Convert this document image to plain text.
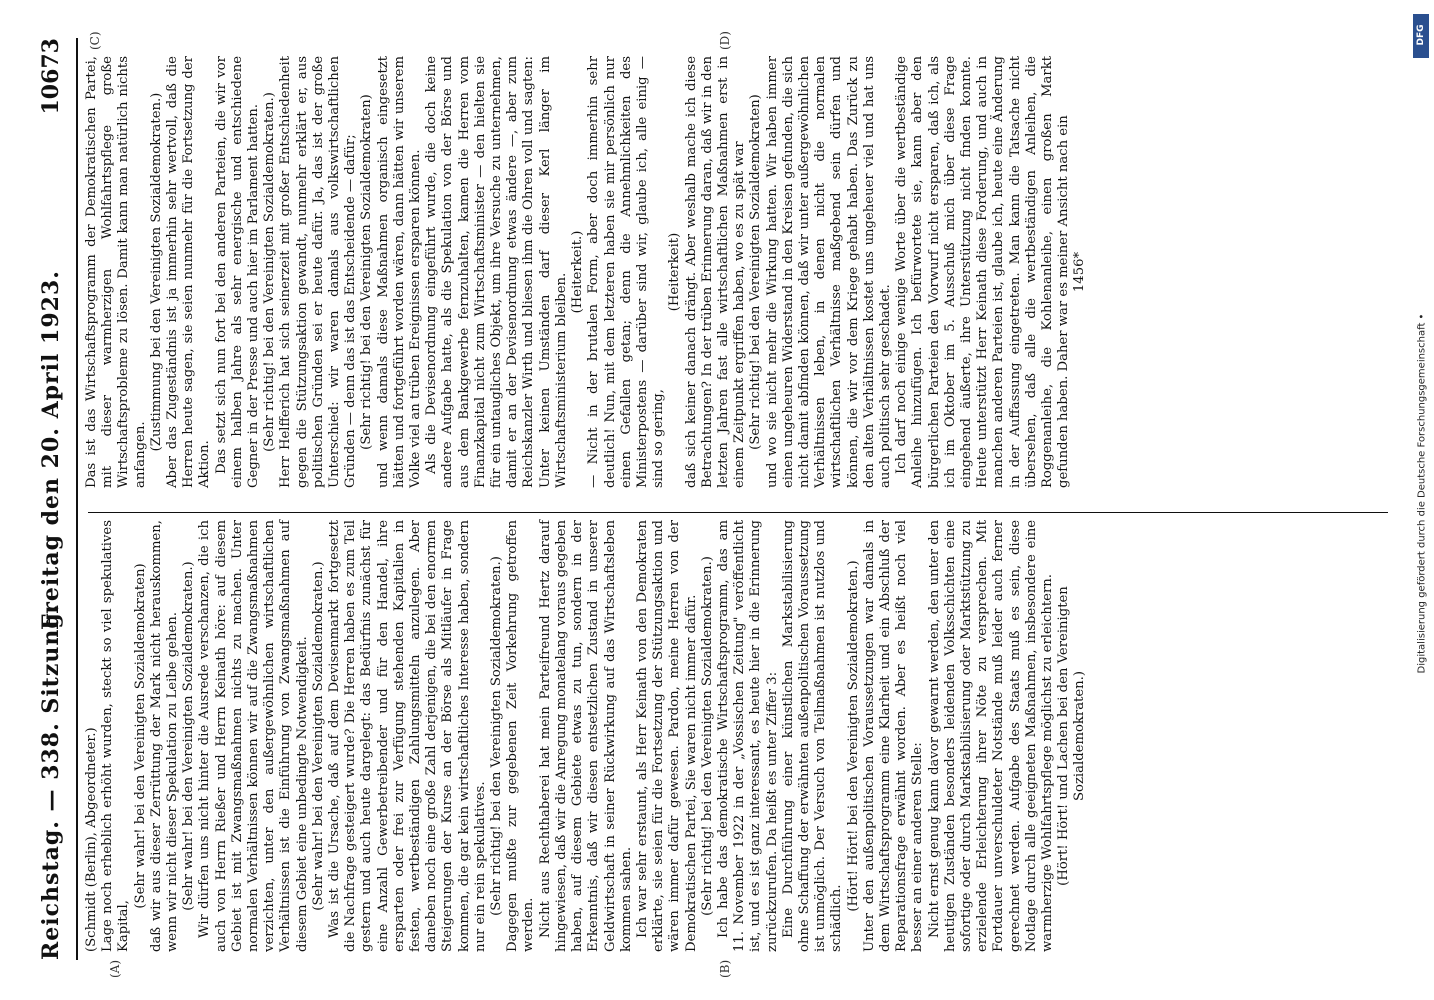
Reichstag. — 338. Sitzung.
Freitag den 20. April 1923.
10673
(A)	(B)
(C)	(D)

(Schmidt (Berlin), Abgeordneter.) Lage noch erheblich erhöht wurden, steckt so viel spekulatives Kapital,

(Sehr wahr! bei den Vereinigten Sozialdemokraten) daß wir aus dieser Zerrüttung der Mark nicht herauskommen, wenn wir nicht dieser Spekulation zu Leibe gehen. (Sehr wahr! bei den Vereinigten Sozialdemokraten.) Wir dürfen uns nicht hinter die Ausrede verschanzen, die ich auch von Herrn Rießer und Herrn Keinath höre: auf diesem Gebiet ist mit Zwangsmaßnahmen nichts zu machen. Unter normalen Verhältnissen können wir auf die Zwangsmaßnahmen verzichten, unter den außergewöhnlichen wirtschaftlichen Verhältnissen ist die Einführung von Zwangsmaßnahmen auf diesem Gebiet eine unbedingte Notwendigkeit. (Sehr wahr! bei den Vereinigten Sozialdemokraten.) Was ist die Ursache, daß auf dem Devisenmarkt fortgesetzt die Nachfrage gesteigert wurde? Die Herren haben es zum Teil gestern und auch heute dargelegt: das Bedürfnis zunächst für eine Anzahl Gewerbetreibender und für den Handel, ihre ersparten oder frei zur Verfügung stehenden Kapitalien in festen, wertbeständigen Zahlungsmitteln anzulegen. Aber daneben noch eine große Zahl derjenigen, die bei den enormen Steigerungen der Kurse an der Börse als Mitläufer in Frage kommen, die gar kein wirtschaftliches Interesse haben, sondern nur ein rein spekulatives. (Sehr richtig! bei den Vereinigten Sozialdemokraten.) Dagegen mußte zur gegebenen Zeit Vorkehrung getroffen werden. Nicht aus Rechthaberei hat mein Parteifreund Hertz darauf hingewiesen, daß wir die Anregung monatelang voraus gegeben haben, auf diesem Gebiete etwas zu tun, sondern in der Erkenntnis, daß wir diesen entsetzlichen Zustand in unserer Geldwirtschaft in seiner Rückwirkung auf das Wirtschaftsleben kommen sahen. Ich war sehr erstaunt, als Herr Keinath von den Demokraten erklärte, sie seien für die Fortsetzung der Stützungsaktion und wären immer dafür gewesen. Pardon, meine Herren von der Demokratischen Partei, Sie waren nicht immer dafür. (Sehr richtig! bei den Vereinigten Sozialdemokraten.) Ich habe das demokratische Wirtschaftsprogramm, das am 11. November 1922 in der „Vossischen Zeitung" veröffentlicht ist, und es ist ganz interessant, es heute hier in die Erinnerung zurückzurufen. Da heißt es unter Ziffer 3: Eine Durchführung einer künstlichen Markstabilisierung ohne Schaffung der erwähnten außenpolitischen Voraussetzung ist unmöglich. Der Versuch von Teilmaßnahmen ist nutzlos und schädlich.

(Hört! Hört! bei den Vereinigten Sozialdemokraten.) Unter den außenpolitischen Voraussetzungen war damals in dem Wirtschaftsprogramm eine Klarheit und ein Abschluß der Reparationsfrage erwähnt worden. Aber es heißt noch viel besser an einer anderen Stelle: Nicht ernst genug kann davor gewarnt werden, den unter den heutigen Zuständen besonders leidenden Volksschichten eine sofortige oder durch Markstabilisierung oder Marktstützung zu erzielende Erleichterung ihrer Nöte zu versprechen. Mit Fortdauer unverschuldeter Notstände muß leider auch ferner gerechnet werden. Aufgabe des Staats muß es sein, diese Notlage durch alle geeigneten Maßnahmen, insbesondere eine warmherzige Wohlfahrtspflege möglichst zu erleichtern. (Hört! Hört! und Lachen bei den Vereinigten Sozialdemokraten.)

Das ist das Wirtschaftsprogramm der Demokratischen Partei, mit dieser warmherzigen Wohlfahrtspflege große Wirtschaftsprobleme zu lösen. Damit kann man natürlich nichts anfangen.

(Zustimmung bei den Vereinigten Sozialdemokraten.) Aber das Zugeständnis ist ja immerhin sehr wertvoll, daß die Herren heute sagen, sie seien nunmehr für die Fortsetzung der Aktion. Das setzt sich nun fort bei den anderen Parteien, die wir vor einem halben Jahre als sehr energische und entschiedene Gegner in der Presse und auch hier im Parlament hatten. (Sehr richtig! bei den Vereinigten Sozialdemokraten.) Herr Helfferich hat sich seinerzeit mit großer Entschiedenheit gegen die Stützungsaktion gewandt, nunmehr erklärt er, aus politischen Gründen sei er heute dafür. Ja, das ist der große Unterschied: wir waren damals aus volkswirtschaftlichen Gründen — denn das ist das Entscheidende — dafür; (Sehr richtig! bei den Vereinigten Sozialdemokraten) und wenn damals diese Maßnahmen organisch eingesetzt hätten und fortgeführt worden wären, dann hätten wir unserem Volke viel an trüben Ereignissen ersparen können. Als die Devisenordnung eingeführt wurde, die doch keine andere Aufgabe hatte, als die Spekulation von der Börse und aus dem Bankgewerbe fernzuhalten, kamen die Herren vom Finanzkapital nicht zum Wirtschaftsminister — den hielten sie für ein untaugliches Objekt, um ihre Versuche zu unternehmen, damit er an der Devisenordnung etwas ändere —, aber zum Reichskanzler Wirth und bliesen ihm die Ohren voll und sagten: Unter keinen Umständen darf dieser Kerl länger im Wirtschaftsministerium bleiben.

(Heiterkeit.) — Nicht in der brutalen Form, aber doch immerhin sehr deutlich! Nun, mit dem letzteren haben sie mir persönlich nur einen Gefallen getan; denn die Annehmlichkeiten des Ministerpostens — darüber sind wir, glaube ich, alle einig — sind so gering,

(Heiterkeit) daß sich keiner danach drängt. Aber weshalb mache ich diese Betrachtungen? In der trüben Erinnerung daran, daß wir in den letzten Jahren fast alle wirtschaftlichen Maßnahmen erst in einem Zeitpunkt ergriffen haben, wo es zu spät war (Sehr richtig! bei den Vereinigten Sozialdemokraten) und wo sie nicht mehr die Wirkung hatten. Wir haben immer einen ungeheuren Widerstand in den Kreisen gefunden, die sich nicht damit abfinden können, daß wir unter außergewöhnlichen Verhältnissen leben, in denen nicht die normalen wirtschaftlichen Verhältnisse maßgebend sein dürfen und können, die wir vor dem Kriege gehabt haben. Das Zurück zu den alten Verhältnissen kostet uns ungeheuer viel und hat uns auch politisch sehr geschadet. Ich darf noch einige wenige Worte über die wertbeständige Anleihe hinzufügen. Ich befürwortete sie, kann aber den bürgerlichen Parteien den Vorwurf nicht ersparen, daß ich, als ich im Oktober im 5. Ausschuß mich über diese Frage eingehend äußerte, ihre Unterstützung nicht finden konnte. Heute unterstützt Herr Keinath diese Forderung, und auch in manchen anderen Parteien ist, glaube ich, heute eine Änderung in der Auffassung eingetreten. Man kann die Tatsache nicht übersehen, daß alle die wertbeständigen Anleihen, die Roggenanleihe, die Kohlenanleihe, einen großen Markt gefunden haben. Daher war es meiner Ansicht nach ein 1456*

DFG
Digitalisierung gefördert durch die Deutsche Forschungsgemeinschaft •
